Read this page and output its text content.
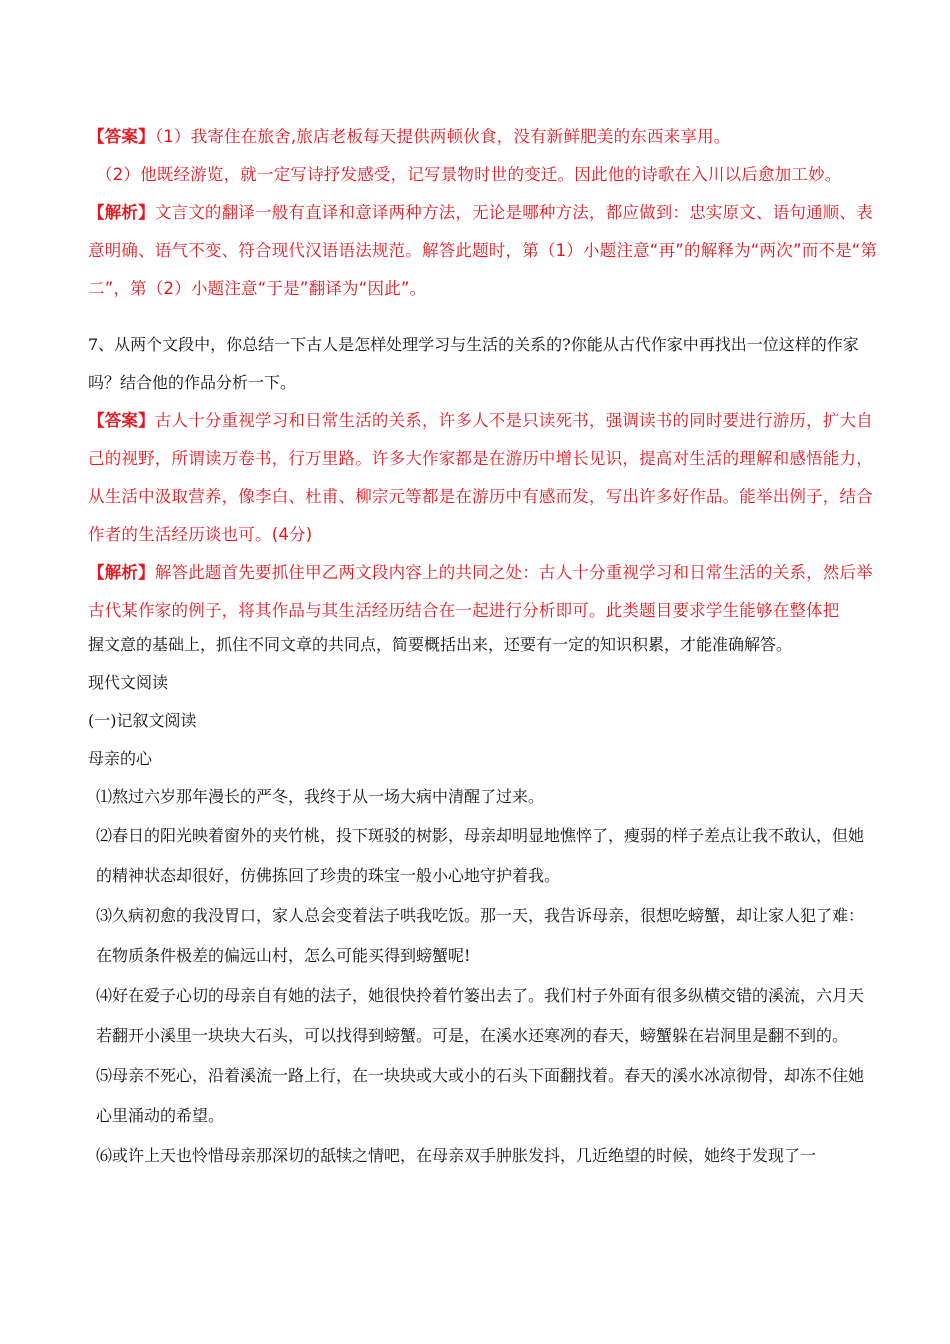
【答案】（1）我寄住在旅舍,旅店老板每天提供两顿伙食，没有新鲜肥美的东西来享用。

（2）他既经游览，就一定写诗抒发感受，记写景物时世的变迁。因此他的诗歌在入川以后愈加工妙。

【解析】文言文的翻译一般有直译和意译两种方法，无论是哪种方法，都应做到：忠实原文、语句通顺、表意明确、语气不变、符合现代汉语语法规范。解答此题时，第（1）小题注意“再”的解释为“两次”而不是“第二”，第（2）小题注意“于是”翻译为“因此”。

7、从两个文段中，你总结一下古人是怎样处理学习与生活的关系的?你能从古代作家中再找出一位这样的作家吗？结合他的作品分析一下。

【答案】古人十分重视学习和日常生活的关系，许多人不是只读死书，强调读书的同时要进行游历，扩大自己的视野，所谓读万卷书，行万里路。许多大作家都是在游历中增长见识，提高对生活的理解和感悟能力，从生活中汲取营养，像李白、杜甫、柳宗元等都是在游历中有感而发，写出许多好作品。能举出例子，结合作者的生活经历谈也可。(4分)

【解析】解答此题首先要抓住甲乙两文段内容上的共同之处：古人十分重视学习和日常生活的关系，然后举古代某作家的例子，将其作品与其生活经历结合在一起进行分析即可。此类题目要求学生能够在整体把

握文意的基础上，抓住不同文章的共同点，简要概括出来，还要有一定的知识积累，才能准确解答。

现代文阅读

(一)记叙文阅读

母亲的心

⑴熬过六岁那年漫长的严冬，我终于从一场大病中清醒了过来。

⑵春日的阳光映着窗外的夹竹桃，投下斑驳的树影，母亲却明显地憔悴了，瘦弱的样子差点让我不敢认，但她的精神状态却很好，仿佛拣回了珍贵的珠宝一般小心地守护着我。

⑶久病初愈的我没胃口，家人总会变着法子哄我吃饭。那一天，我告诉母亲，很想吃螃蟹，却让家人犯了难：在物质条件极差的偏远山村，怎么可能买得到螃蟹呢!

⑷好在爱子心切的母亲自有她的法子，她很快拎着竹篓出去了。我们村子外面有很多纵横交错的溪流，六月天若翻开小溪里一块块大石头，可以找得到螃蟹。可是，在溪水还寒冽的春天，螃蟹躲在岩洞里是翻不到的。

⑸母亲不死心，沿着溪流一路上行，在一块块或大或小的石头下面翻找着。春天的溪水冰凉彻骨，却冻不住她心里涌动的希望。

⑹或许上天也怜惜母亲那深切的舐犊之情吧，在母亲双手肿胀发抖，几近绝望的时候，她终于发现了一
